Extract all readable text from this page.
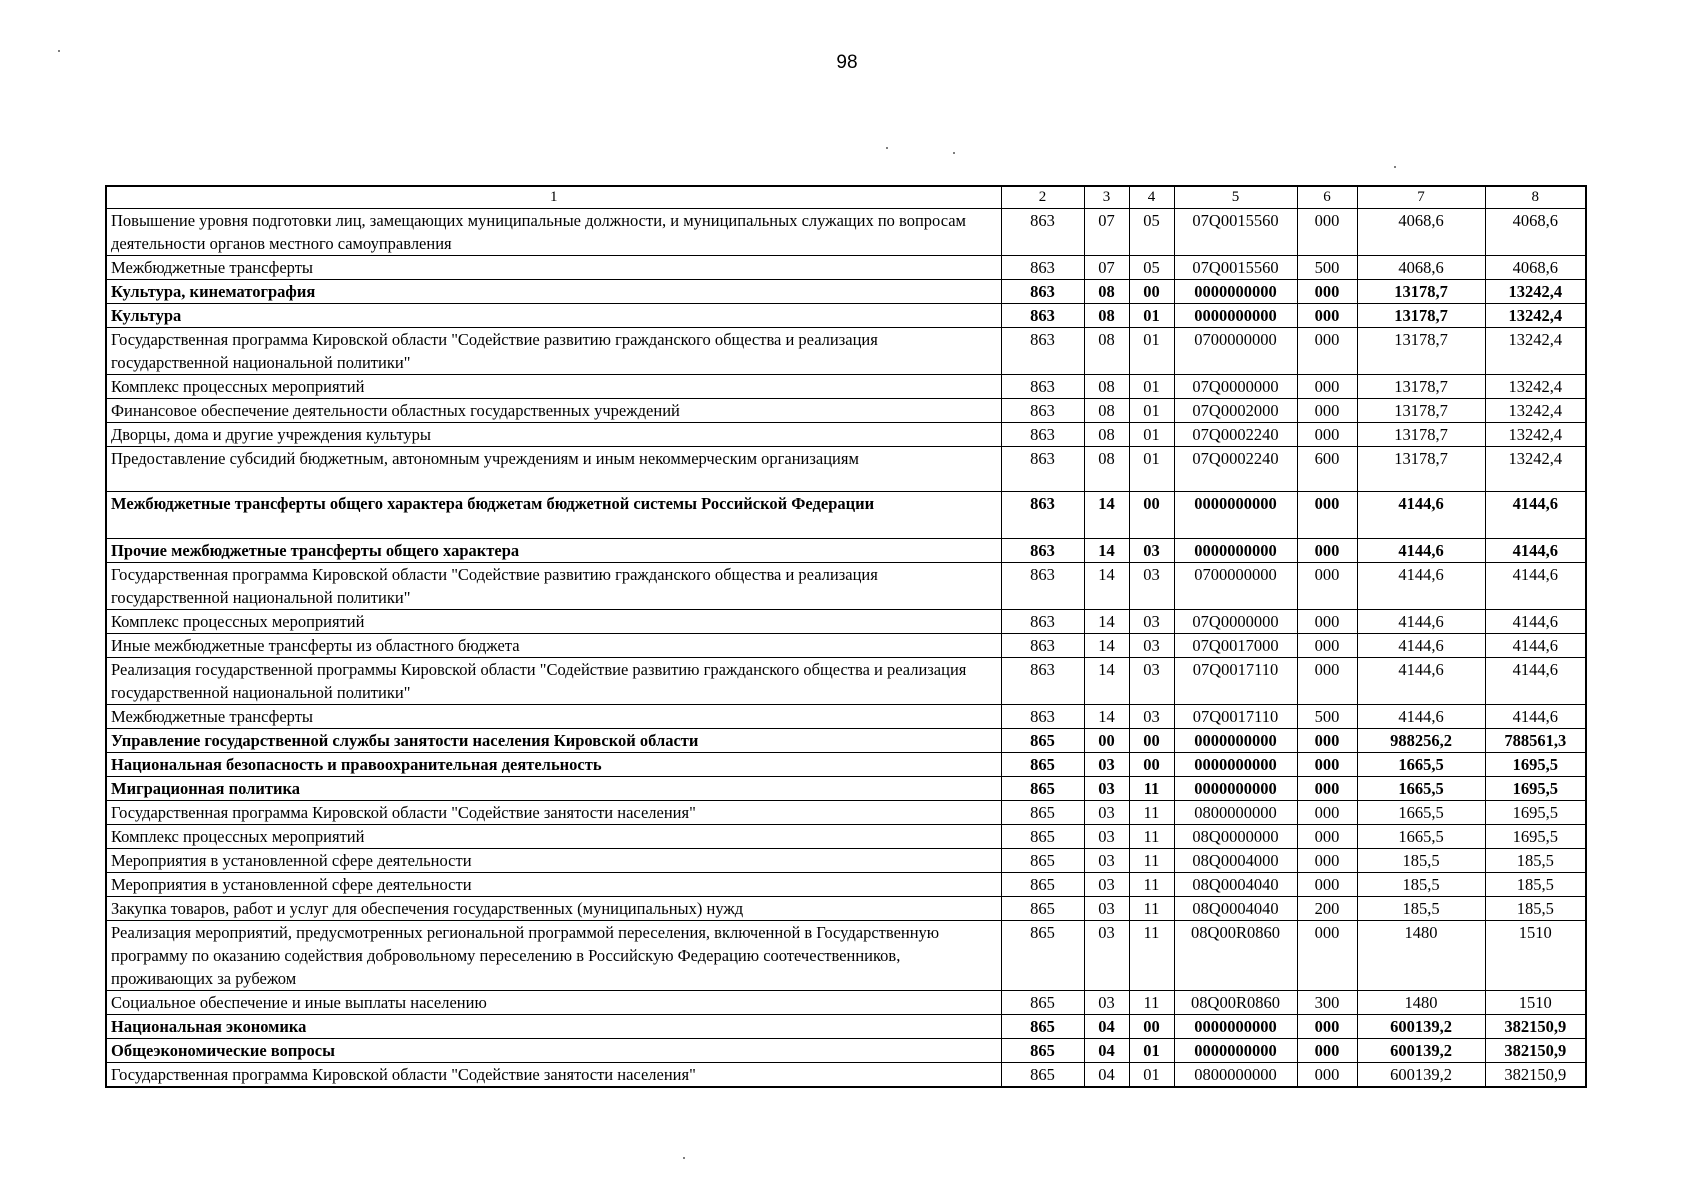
98
1	2	3	4	5	6	7	8
Повышение уровня подготовки лиц, замещающих муниципальные должности, и муниципальных служащих по вопросам деятельности органов местного самоуправления	863	07	05	07Q0015560	000	4068,6	4068,6
Межбюджетные трансферты	863	07	05	07Q0015560	500	4068,6	4068,6
Культура, кинематография	863	08	00	0000000000	000	13178,7	13242,4
Культура	863	08	01	0000000000	000	13178,7	13242,4
Государственная программа Кировской области "Содействие развитию гражданского общества и реализация государственной национальной политики"	863	08	01	0700000000	000	13178,7	13242,4
Комплекс процессных мероприятий	863	08	01	07Q0000000	000	13178,7	13242,4
Финансовое обеспечение деятельности областных государственных учреждений	863	08	01	07Q0002000	000	13178,7	13242,4
Дворцы, дома и другие учреждения культуры	863	08	01	07Q0002240	000	13178,7	13242,4
Предоставление субсидий бюджетным, автономным учреждениям и иным некоммерческим организациям	863	08	01	07Q0002240	600	13178,7	13242,4
Межбюджетные трансферты общего характера бюджетам бюджетной системы Российской Федерации	863	14	00	0000000000	000	4144,6	4144,6
Прочие межбюджетные трансферты общего характера	863	14	03	0000000000	000	4144,6	4144,6
Государственная программа Кировской области "Содействие развитию гражданского общества и реализация государственной национальной политики"	863	14	03	0700000000	000	4144,6	4144,6
Комплекс процессных мероприятий	863	14	03	07Q0000000	000	4144,6	4144,6
Иные межбюджетные трансферты из областного бюджета	863	14	03	07Q0017000	000	4144,6	4144,6
Реализация государственной программы Кировской области "Содействие развитию гражданского общества и реализация государственной национальной политики"	863	14	03	07Q0017110	000	4144,6	4144,6
Межбюджетные трансферты	863	14	03	07Q0017110	500	4144,6	4144,6
Управление государственной службы занятости населения Кировской области	865	00	00	0000000000	000	988256,2	788561,3
Национальная безопасность и правоохранительная деятельность	865	03	00	0000000000	000	1665,5	1695,5
Миграционная политика	865	03	11	0000000000	000	1665,5	1695,5
Государственная программа Кировской области "Содействие занятости населения"	865	03	11	0800000000	000	1665,5	1695,5
Комплекс процессных мероприятий	865	03	11	08Q0000000	000	1665,5	1695,5
Мероприятия в установленной сфере деятельности	865	03	11	08Q0004000	000	185,5	185,5
Мероприятия в установленной сфере деятельности	865	03	11	08Q0004040	000	185,5	185,5
Закупка товаров, работ и услуг для обеспечения государственных (муниципальных) нужд	865	03	11	08Q0004040	200	185,5	185,5
Реализация мероприятий, предусмотренных региональной программой переселения, включенной в Государственную программу по оказанию содействия добровольному переселению в Российскую Федерацию соотечественников, проживающих за рубежом	865	03	11	08Q00R0860	000	1480	1510
Социальное обеспечение и иные выплаты населению	865	03	11	08Q00R0860	300	1480	1510
Национальная экономика	865	04	00	0000000000	000	600139,2	382150,9
Общеэкономические вопросы	865	04	01	0000000000	000	600139,2	382150,9
Государственная программа Кировской области "Содействие занятости населения"	865	04	01	0800000000	000	600139,2	382150,9
